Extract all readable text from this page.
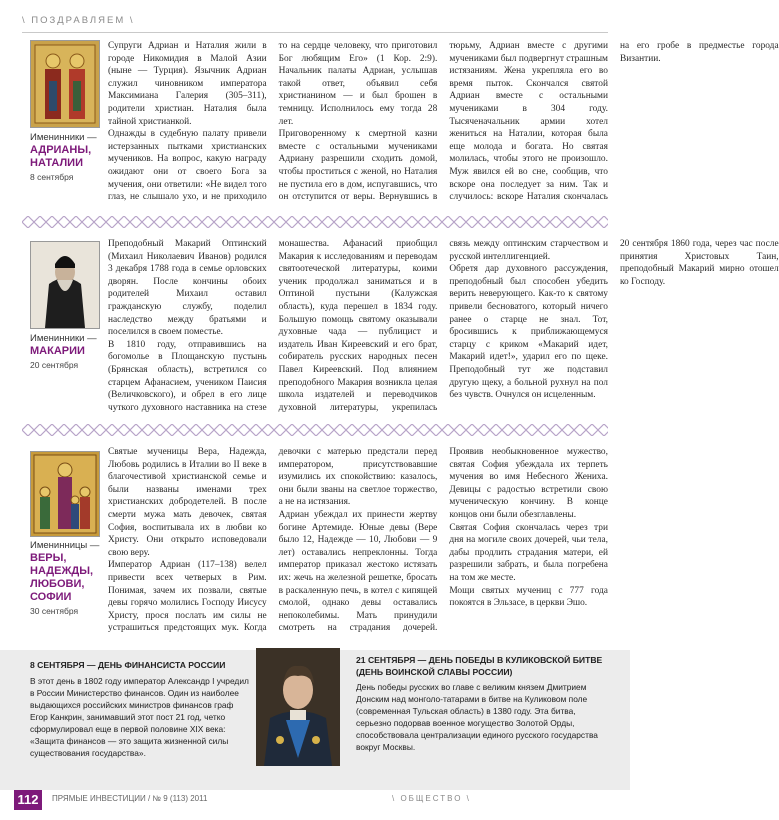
\ ПОЗДРАВЛЯЕМ \
Именинники —
АДРИАНЫ, НАТАЛИИ
8 сентября

Супруги Адриан и Наталия жили в городе Никомидия в Малой Азии (ныне — Турция). Язычник Адриан служил чиновником императора Максимиана Галерия (305–311), родители христиан. Наталия была тайной христианкой.

Однажды в судебную палату привели истерзанных пытками христианских мучеников. На вопрос, какую награду ожидают они от своего Бога за мучения, они ответили: «Не видел того глаз, не слышало ухо, и не приходило то на сердце человеку, что приготовил Бог любящим Его» (1 Кор. 2:9). Начальник палаты Адриан, услышав такой ответ, объявил себя христианином — и был брошен в темницу. Исполнилось ему тогда 28 лет.

Приговоренному к смертной казни вместе с остальными мучениками Адриану разрешили сходить домой, чтобы проститься с женой, но Наталия не пустила его в дом, испугавшись, что он отступится от веры. Вернувшись в тюрьму, Адриан вместе с другими мучениками был подвергнут страшным истязаниям. Жена укрепляла его во время пыток. Скончался святой Адриан вместе с остальными мучениками в 304 году. Тысяченачальник армии хотел жениться на Наталии, которая была еще молода и богата. Но святая молилась, чтобы этого не произошло. Муж явился ей во сне, сообщив, что вскоре она последует за ним. Так и случилось: вскоре Наталия скончалась на его гробе в предместье города Византии.

Именинники —
МАКАРИИ
20 сентября

Преподобный Макарий Оптинский (Михаил Николаевич Иванов) родился 3 декабря 1788 года в семье орловских дворян. После кончины обоих родителей Михаил оставил гражданскую службу, поделил наследство между братьями и поселился в своем поместье.

В 1810 году, отправившись на богомолье в Площанскую пустынь (Брянская область), встретился со старцем Афанасием, учеником Паисия (Величковского), и обрел в его лице чуткого духовного наставника на стезе монашества. Афанасий приобщил Макария к исследованиям и переводам святоотеческой литературы, коими ученик продолжал заниматься и в Оптиной пустыни (Калужская область), куда перешел в 1834 году. Большую помощь святому оказывали духовные чада — публицист и издатель Иван Киреевский и его брат, собиратель русских народных песен Павел Киреевский. Под влиянием преподобного Макария возникла целая школа издателей и переводчиков духовной литературы, укрепилась связь между оптинским старчеством и русской интеллигенцией.

Обретя дар духовного рассуждения, преподобный был способен убедить верить неверующего. Как-то к святому привели бесноватого, который ничего ранее о старце не знал. Тот, бросившись к приближающемуся старцу с криком «Макарий идет, Макарий идет!», ударил его по щеке. Преподобный тут же подставил другую щеку, а больной рухнул на пол без чувств. Очнулся он исцеленным.

20 сентября 1860 года, через час после принятия Христовых Таин, преподобный Макарий мирно отошел ко Господу.

Именинницы —
ВЕРЫ, НАДЕЖДЫ, ЛЮБОВИ, СОФИИ
30 сентября

Святые мученицы Вера, Надежда, Любовь родились в Италии во II веке в благочестивой христианской семье и были названы именами трех христианских добродетелей. В после смерти мужа мать девочек, святая София, воспитывала их в любви ко Христу. Они открыто исповедовали свою веру.

Император Адриан (117–138) велел привести всех четверых в Рим. Понимая, зачем их позвали, святые девы горячо молились Господу Иисусу Христу, прося послать им силы не устрашиться предстоящих мук. Когда девочки с матерью предстали перед императором, присутствовавшие изумились их спокойствию: казалось, они были званы на светлое торжество, а не на истязания.

Адриан убеждал их принести жертву богине Артемиде. Юные девы (Вере было 12, Надежде — 10, Любови — 9 лет) оставались непреклонны. Тогда император приказал жестоко истязать их: жечь на железной решетке, бросать в раскаленную печь, в котел с кипящей смолой, однако девы оставались непоколебимы. Мать принудили смотреть на страдания дочерей. Проявив необыкновенное мужество, святая София убеждала их терпеть мучения во имя Небесного Жениха. Девицы с радостью встретили свою мученическую кончину. В конце концов они были обезглавлены.

Святая София скончалась через три дня на могиле своих дочерей, чьи тела, дабы продлить страдания матери, ей разрешили забрать, и была погребена на том же месте.

Мощи святых мучениц с 777 года покоятся в Эльзасе, в церкви Эшо.

8 СЕНТЯБРЯ — ДЕНЬ ФИНАНСИСТА РОССИИ
В этот день в 1802 году император Александр I учредил в России Министерство финансов. Один из наиболее выдающихся российских министров финансов граф Егор Канкрин, занимавший этот пост 21 год, четко сформулировал еще в первой половине XIX века: «Защита финансов — это защита жизненной силы существования государства».
21 СЕНТЯБРЯ — ДЕНЬ ПОБЕДЫ В КУЛИКОВСКОЙ БИТВЕ (ДЕНЬ ВОИНСКОЙ СЛАВЫ РОССИИ)
День победы русских во главе с великим князем Дмитрием Донским над монголо-татарами в битве на Куликовом поле (современная Тульская область) в 1380 году. Эта битва, серьезно подорвав военное могущество Золотой Орды, способствовала централизации единого русского государства вокруг Москвы.
112	ПРЯМЫЕ ИНВЕСТИЦИИ / № 9 (113) 2011	\ ОБЩЕСТВО \
